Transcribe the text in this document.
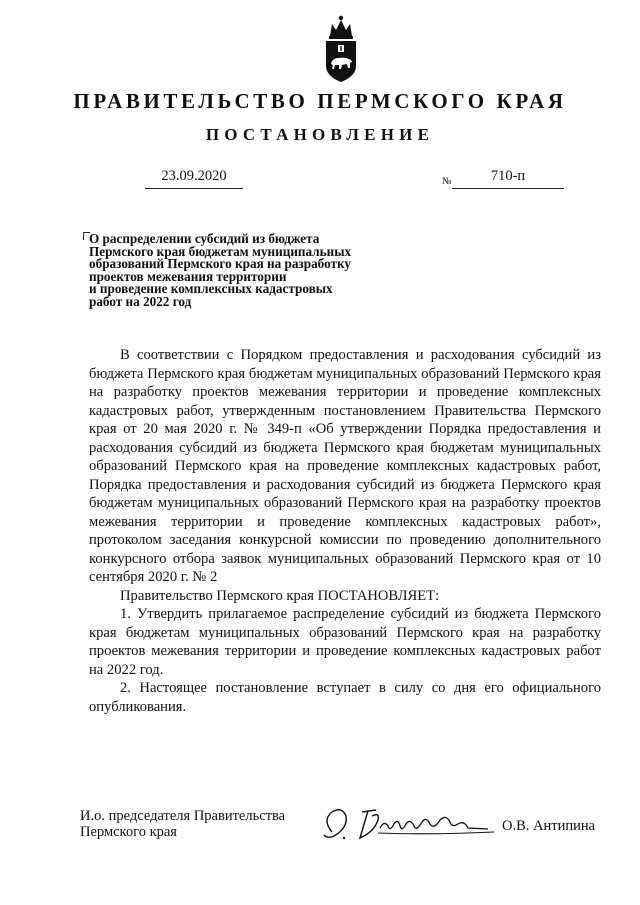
ПРАВИТЕЛЬСТВО ПЕРМСКОГО КРАЯ
ПОСТАНОВЛЕНИЕ
23.09.2020	№	710-п
О распределении субсидий из бюджета
Пермского края бюджетам муниципальных
образований Пермского края на разработку
проектов межевания территории
и проведение комплексных кадастровых
работ на 2022 год

В соответствии с Порядком предоставления и расходования субсидий из бюджета Пермского края бюджетам муниципальных образований Пермского края на разработку проектов межевания территории и проведение комплексных кадастровых работ, утвержденным постановлением Правительства Пермского края от 20 мая 2020 г. № 349-п «Об утверждении Порядка предоставления и расходования субсидий из бюджета Пермского края бюджетам муниципальных образований Пермского края на проведение комплексных кадастровых работ, Порядка предоставления и расходования субсидий из бюджета Пермского края бюджетам муниципальных образований Пермского края на разработку проектов межевания территории и проведение комплексных кадастровых работ», протоколом заседания конкурсной комиссии по проведению дополнительного конкурсного отбора заявок муниципальных образований Пермского края от 10 сентября 2020 г. № 2

Правительство Пермского края ПОСТАНОВЛЯЕТ:

1. Утвердить прилагаемое распределение субсидий из бюджета Пермского края бюджетам муниципальных образований Пермского края на разработку проектов межевания территории и проведение комплексных кадастровых работ на 2022 год.

2. Настоящее постановление вступает в силу со дня его официального опубликования.

И.о. председателя Правительства
Пермского края	О.В. Антипина
